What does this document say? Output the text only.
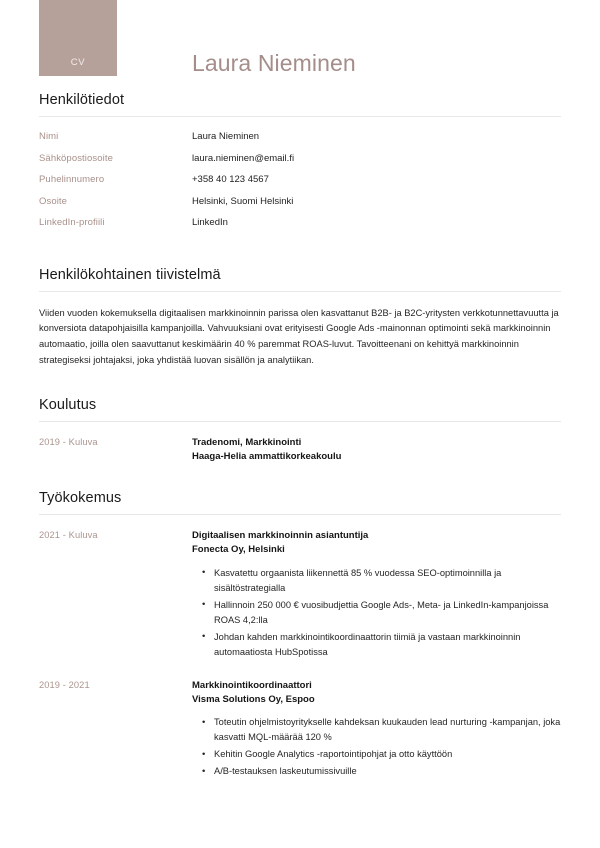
CV	Laura Nieminen
Henkilötiedot
Nimi	Laura Nieminen
Sähköpostiosoite	laura.nieminen@email.fi
Puhelinnumero	+358 40 123 4567
Osoite	Helsinki, Suomi Helsinki
LinkedIn-profiili	LinkedIn
Henkilökohtainen tiivistelmä

Viiden vuoden kokemuksella digitaalisen markkinoinnin parissa olen kasvattanut B2B- ja B2C-yritysten verkkotunnettavuutta ja konversiota datapohjaisilla kampanjoilla. Vahvuuksiani ovat erityisesti Google Ads -mainonnan optimointi sekä markkinoinnin automaatio, joilla olen saavuttanut keskimäärin 40 % paremmat ROAS-luvut. Tavoitteenani on kehittyä markkinoinnin strategiseksi johtajaksi, joka yhdistää luovan sisällön ja analytiikan.

Koulutus
2019 - Kuluva	Tradenomi, Markkinointi
Haaga-Helia ammattikorkeakoulu
Työkokemus
2021 - Kuluva	Digitaalisen markkinoinnin asiantuntija
Fonecta Oy, Helsinki
• Kasvatettu orgaanista liikennettä 85 % vuodessa SEO-optimoinnilla ja sisältöstrategialla
• Hallinnoin 250 000 € vuosibudjettia Google Ads-, Meta- ja LinkedIn-kampanjoissa ROAS 4,2:lla
• Johdan kahden markkinointikoordinaattorin tiimiä ja vastaan markkinoinnin automaatiosta HubSpotissa
2019 - 2021	Markkinointikoordinaattori
Visma Solutions Oy, Espoo
• Toteutin ohjelmistoyritykselle kahdeksan kuukauden lead nurturing -kampanjan, joka kasvatti MQL-määrää 120 %
• Kehitin Google Analytics -raportointipohjat ja otto käyttöön
• A/B-testauksen laskeutumissivuille
